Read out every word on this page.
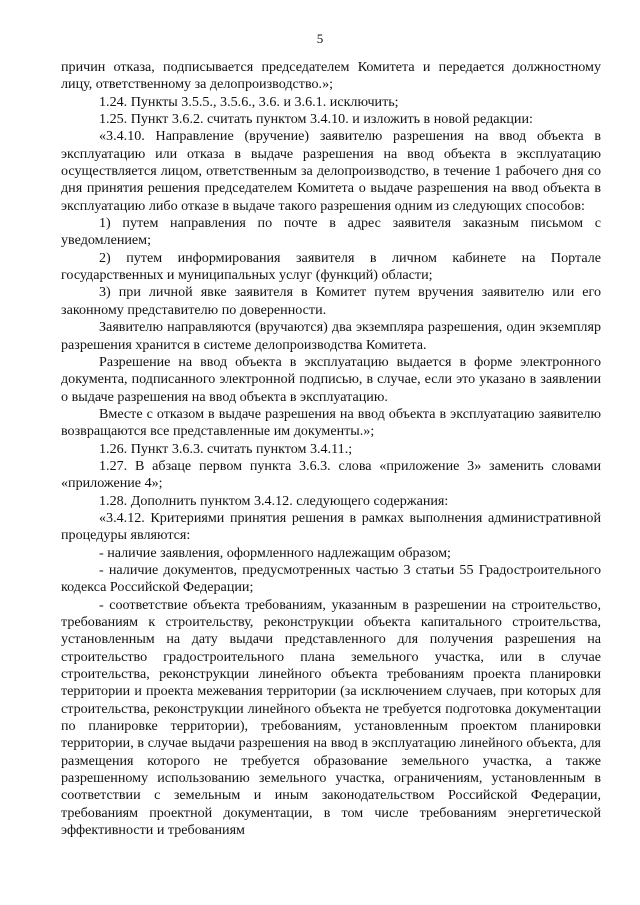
5

причин отказа, подписывается председателем Комитета и передается должностному лицу, ответственному за делопроизводство.»;

1.24. Пункты 3.5.5., 3.5.6., 3.6. и 3.6.1. исключить;

1.25. Пункт 3.6.2. считать пунктом 3.4.10. и изложить в новой редакции:

«3.4.10. Направление (вручение) заявителю разрешения на ввод объекта в эксплуатацию или отказа в выдаче разрешения на ввод объекта в эксплуатацию осуществляется лицом, ответственным за делопроизводство, в течение 1 рабочего дня со дня принятия решения председателем Комитета о выдаче разрешения на ввод объекта в эксплуатацию либо отказе в выдаче такого разрешения одним из следующих способов:

1) путем направления по почте в адрес заявителя заказным письмом с уведомлением;

2) путем информирования заявителя в личном кабинете на Портале государственных и муниципальных услуг (функций) области;

3) при личной явке заявителя в Комитет путем вручения заявителю или его законному представителю по доверенности.

Заявителю направляются (вручаются) два экземпляра разрешения, один экземпляр разрешения хранится в системе делопроизводства Комитета.

Разрешение на ввод объекта в эксплуатацию выдается в форме электронного документа, подписанного электронной подписью, в случае, если это указано в заявлении о выдаче разрешения на ввод объекта в эксплуатацию.

Вместе с отказом в выдаче разрешения на ввод объекта в эксплуатацию заявителю возвращаются все представленные им документы.»;

1.26. Пункт 3.6.3. считать пунктом 3.4.11.;

1.27. В абзаце первом пункта 3.6.3. слова «приложение 3» заменить словами «приложение 4»;

1.28. Дополнить пунктом 3.4.12. следующего содержания:

«3.4.12. Критериями принятия решения в рамках выполнения административной процедуры являются:

- наличие заявления, оформленного надлежащим образом;

- наличие документов, предусмотренных частью 3 статьи 55 Градостроительного кодекса Российской Федерации;

- соответствие объекта требованиям, указанным в разрешении на строительство, требованиям к строительству, реконструкции объекта капитального строительства, установленным на дату выдачи представленного для получения разрешения на строительство градостроительного плана земельного участка, или в случае строительства, реконструкции линейного объекта требованиям проекта планировки территории и проекта межевания территории (за исключением случаев, при которых для строительства, реконструкции линейного объекта не требуется подготовка документации по планировке территории), требованиям, установленным проектом планировки территории, в случае выдачи разрешения на ввод в эксплуатацию линейного объекта, для размещения которого не требуется образование земельного участка, а также разрешенному использованию земельного участка, ограничениям, установленным в соответствии с земельным и иным законодательством Российской Федерации, требованиям проектной документации, в том числе требованиям энергетической эффективности и требованиям
